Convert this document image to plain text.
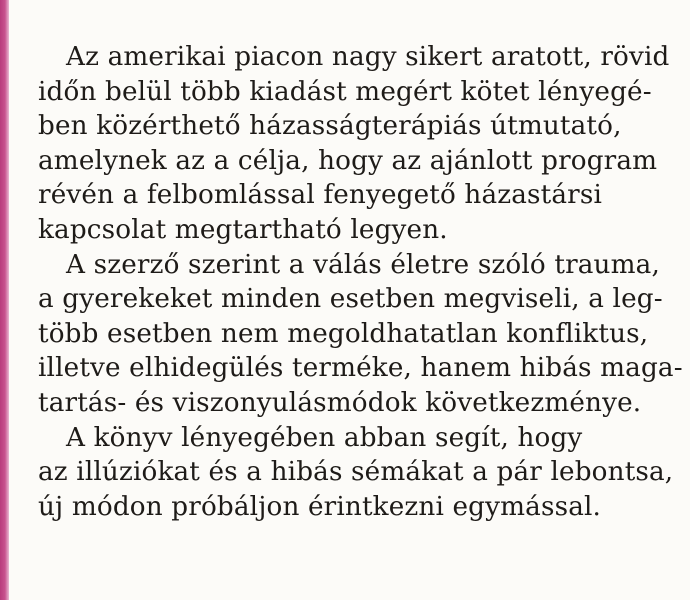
Az amerikai piacon nagy sikert aratott, rövid
időn belül több kiadást megért kötet lényegé-
ben közérthető házasságterápiás útmutató,
amelynek az a célja, hogy az ajánlott program
révén a felbomlással fenyegető házastársi
kapcsolat megtartható legyen.
A szerző szerint a válás életre szóló trauma,
a gyerekeket minden esetben megviseli, a leg-
több esetben nem megoldhatatlan konfliktus,
illetve elhidegülés terméke, hanem hibás maga-
tartás- és viszonyulásmódok következménye.
A könyv lényegében abban segít, hogy
az illúziókat és a hibás sémákat a pár lebontsa,
új módon próbáljon érintkezni egymással.
